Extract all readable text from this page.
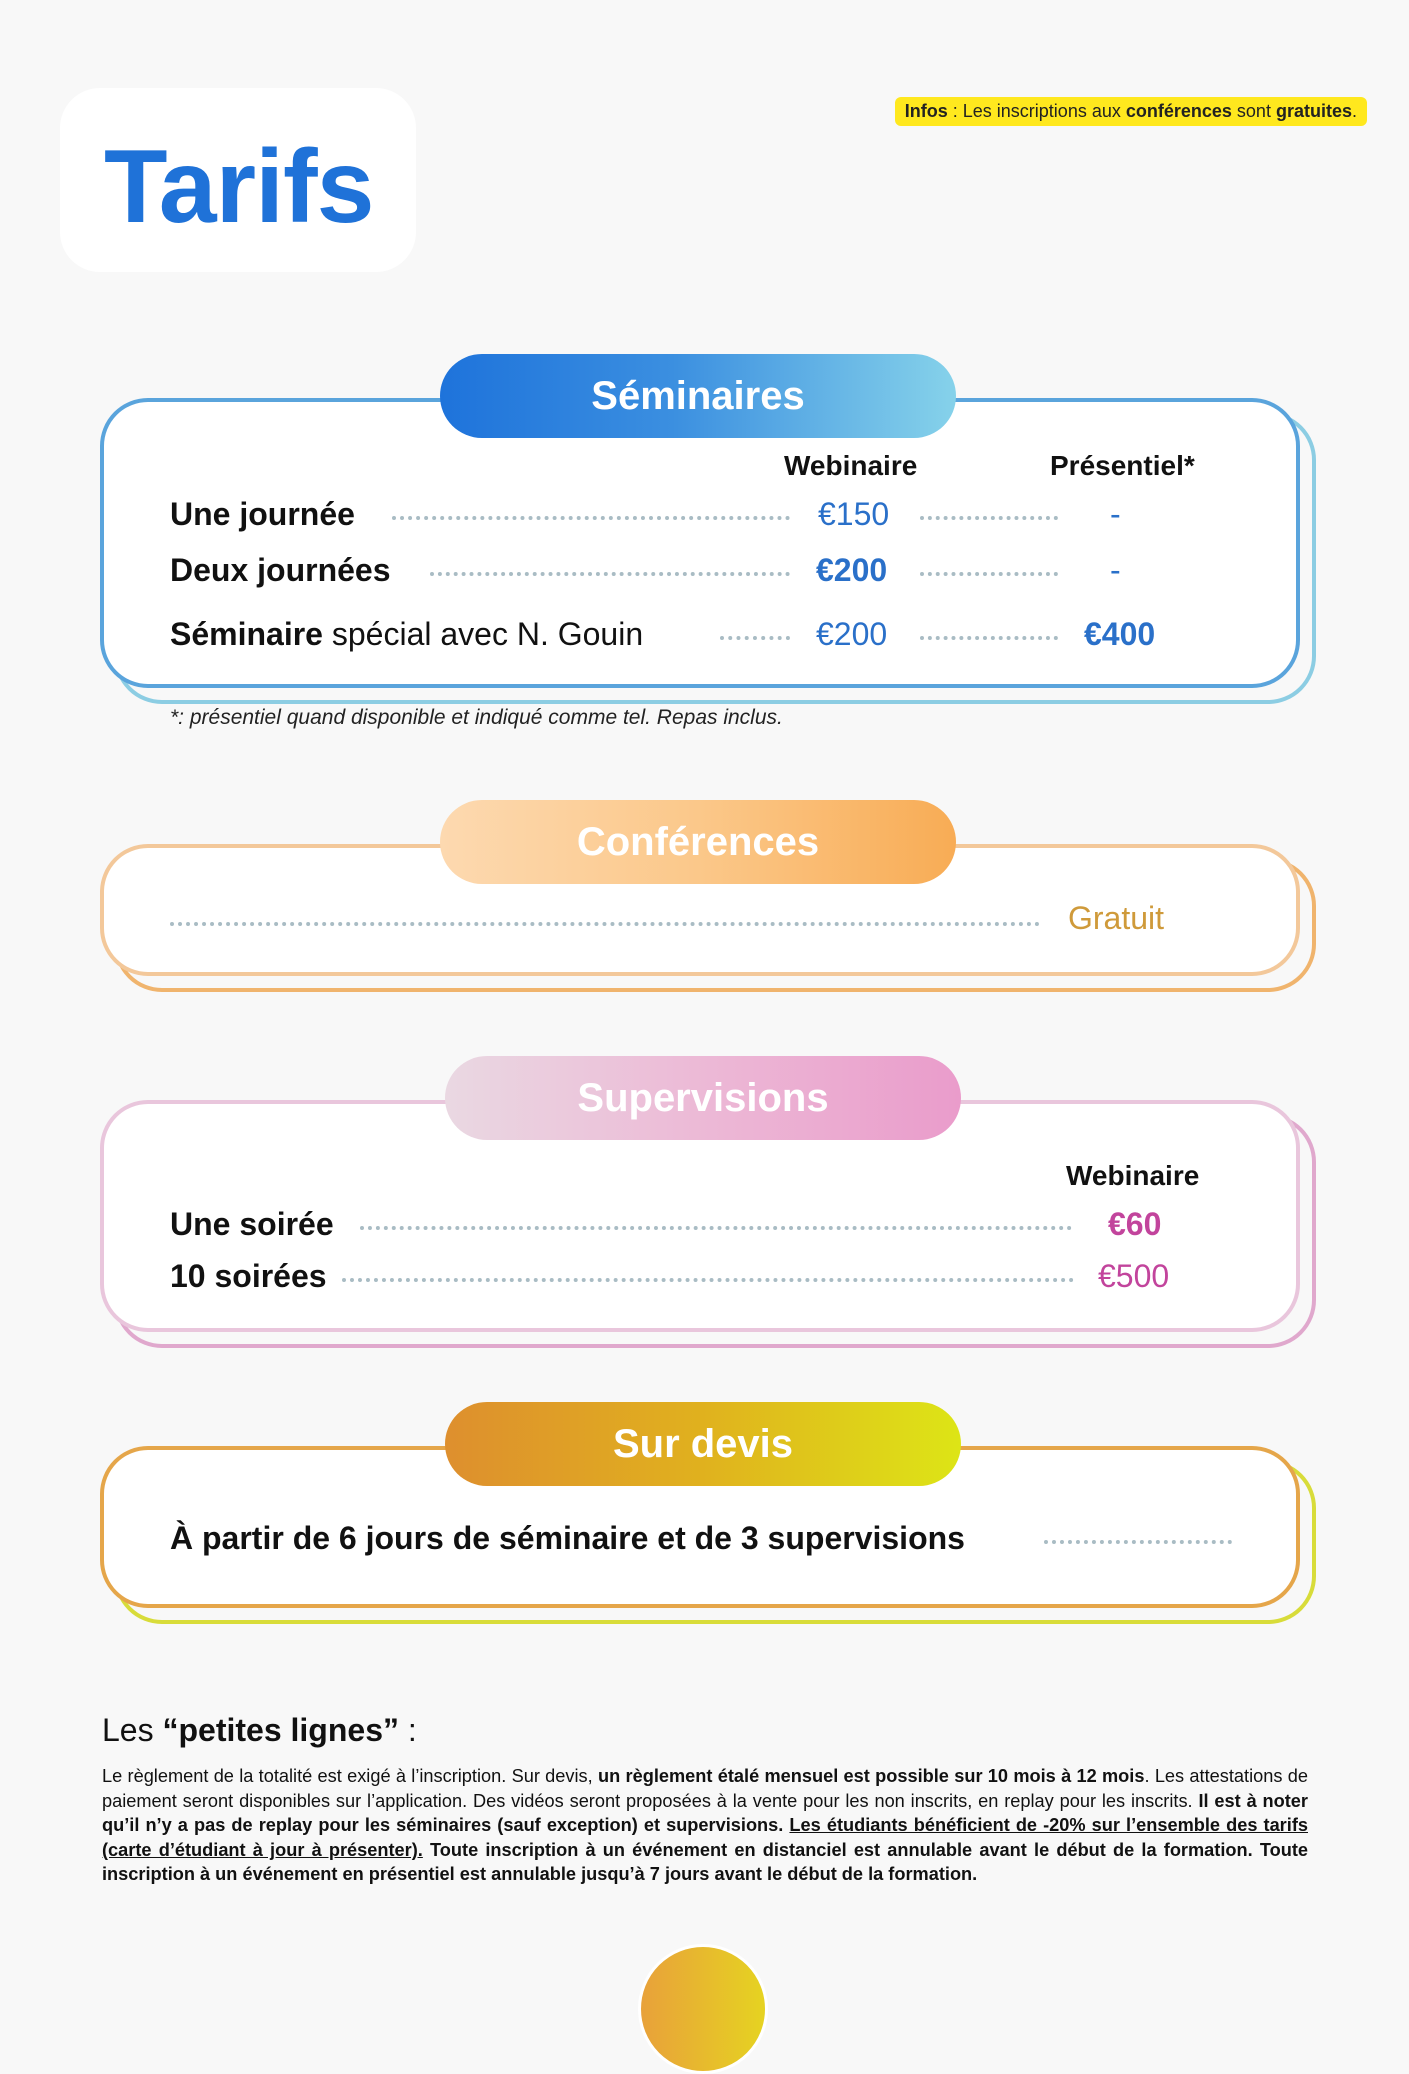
Tarifs
Infos : Les inscriptions aux conférences sont gratuites.
Séminaires
Webinaire	Présentiel*
Une journée	€150	-
Deux journées	€200	-
Séminaire spécial avec N. Gouin	€200	€400
*: présentiel quand disponible et indiqué comme tel. Repas inclus.
Conférences
Gratuit
Supervisions
Webinaire
Une soirée	€60
10 soirées	€500
Sur devis
À partir de 6 jours de séminaire et de 3 supervisions
Les “petites lignes” :
Le règlement de la totalité est exigé à l’inscription. Sur devis, un règlement étalé mensuel est possible sur 10 mois à 12 mois. Les attestations de paiement seront disponibles sur l’application. Des vidéos seront proposées à la vente pour les non inscrits, en replay pour les inscrits. Il est à noter qu’il n’y a pas de replay pour les séminaires (sauf exception) et supervisions. Les étudiants bénéficient de -20% sur l’ensemble des tarifs (carte d’étudiant à jour à présenter). Toute inscription à un événement en distanciel est annulable avant le début de la formation. Toute inscription à un événement en présentiel est annulable jusqu’à 7 jours avant le début de la formation.
